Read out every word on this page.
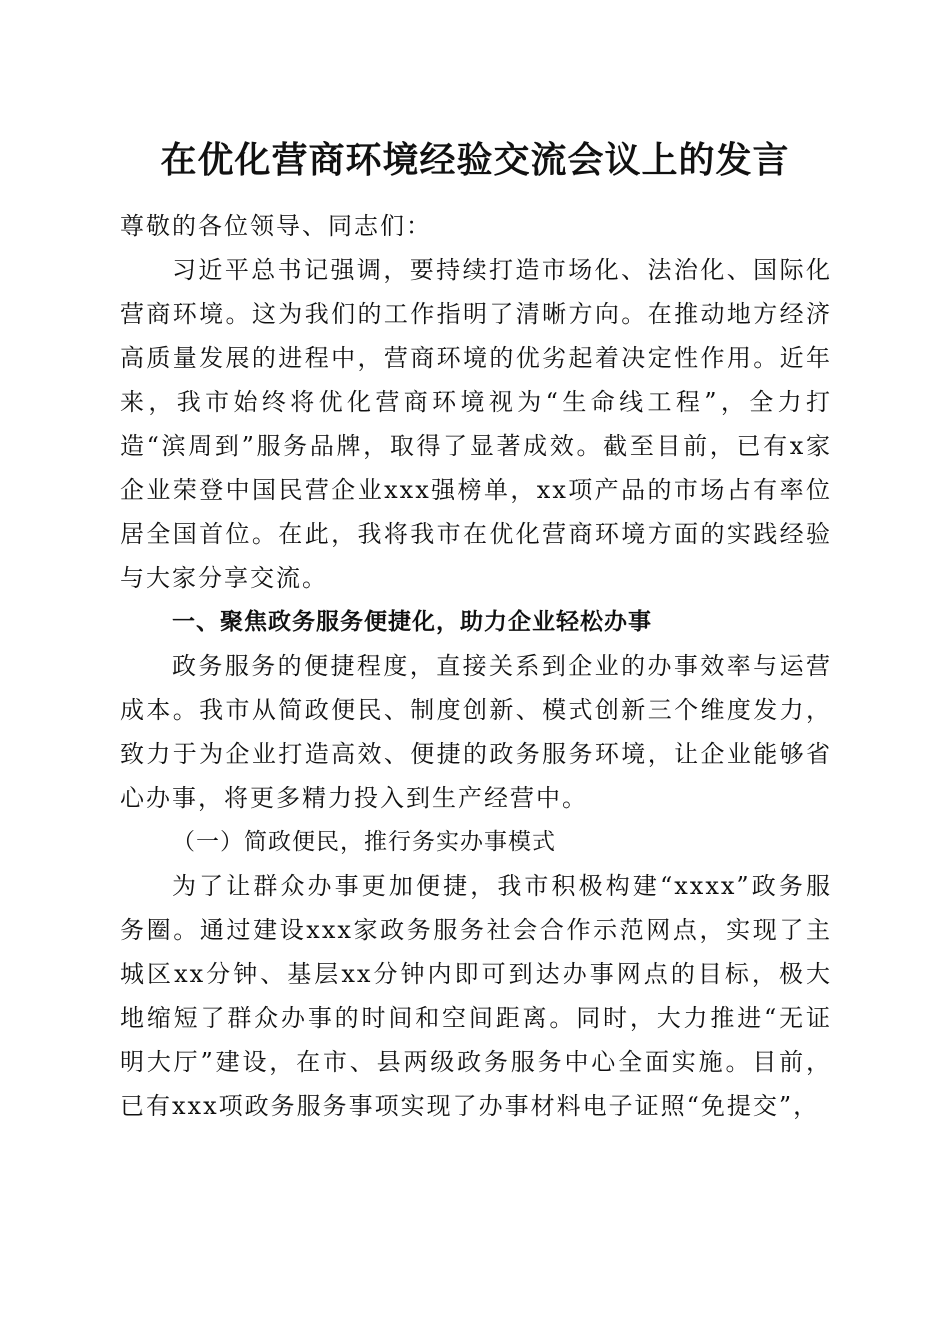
在优化营商环境经验交流会议上的发言

尊敬的各位领导、同志们：

习近平总书记强调，要持续打造市场化、法治化、国际化营商环境。这为我们的工作指明了清晰方向。在推动地方经济高质量发展的进程中，营商环境的优劣起着决定性作用。近年来，我市始终将优化营商环境视为“生命线工程”，全力打造“滨周到”服务品牌，取得了显著成效。截至目前，已有x家企业荣登中国民营企业xxx强榜单，xx项产品的市场占有率位居全国首位。在此，我将我市在优化营商环境方面的实践经验与大家分享交流。

一、聚焦政务服务便捷化，助力企业轻松办事

政务服务的便捷程度，直接关系到企业的办事效率与运营成本。我市从简政便民、制度创新、模式创新三个维度发力，致力于为企业打造高效、便捷的政务服务环境，让企业能够省心办事，将更多精力投入到生产经营中。

（一）简政便民，推行务实办事模式

为了让群众办事更加便捷，我市积极构建“xxxx”政务服务圈。通过建设xxx家政务服务社会合作示范网点，实现了主城区xx分钟、基层xx分钟内即可到达办事网点的目标，极大地缩短了群众办事的时间和空间距离。同时，大力推进“无证明大厅”建设，在市、县两级政务服务中心全面实施。目前，已有xxx项政务服务事项实现了办事材料电子证照“免提交”，
